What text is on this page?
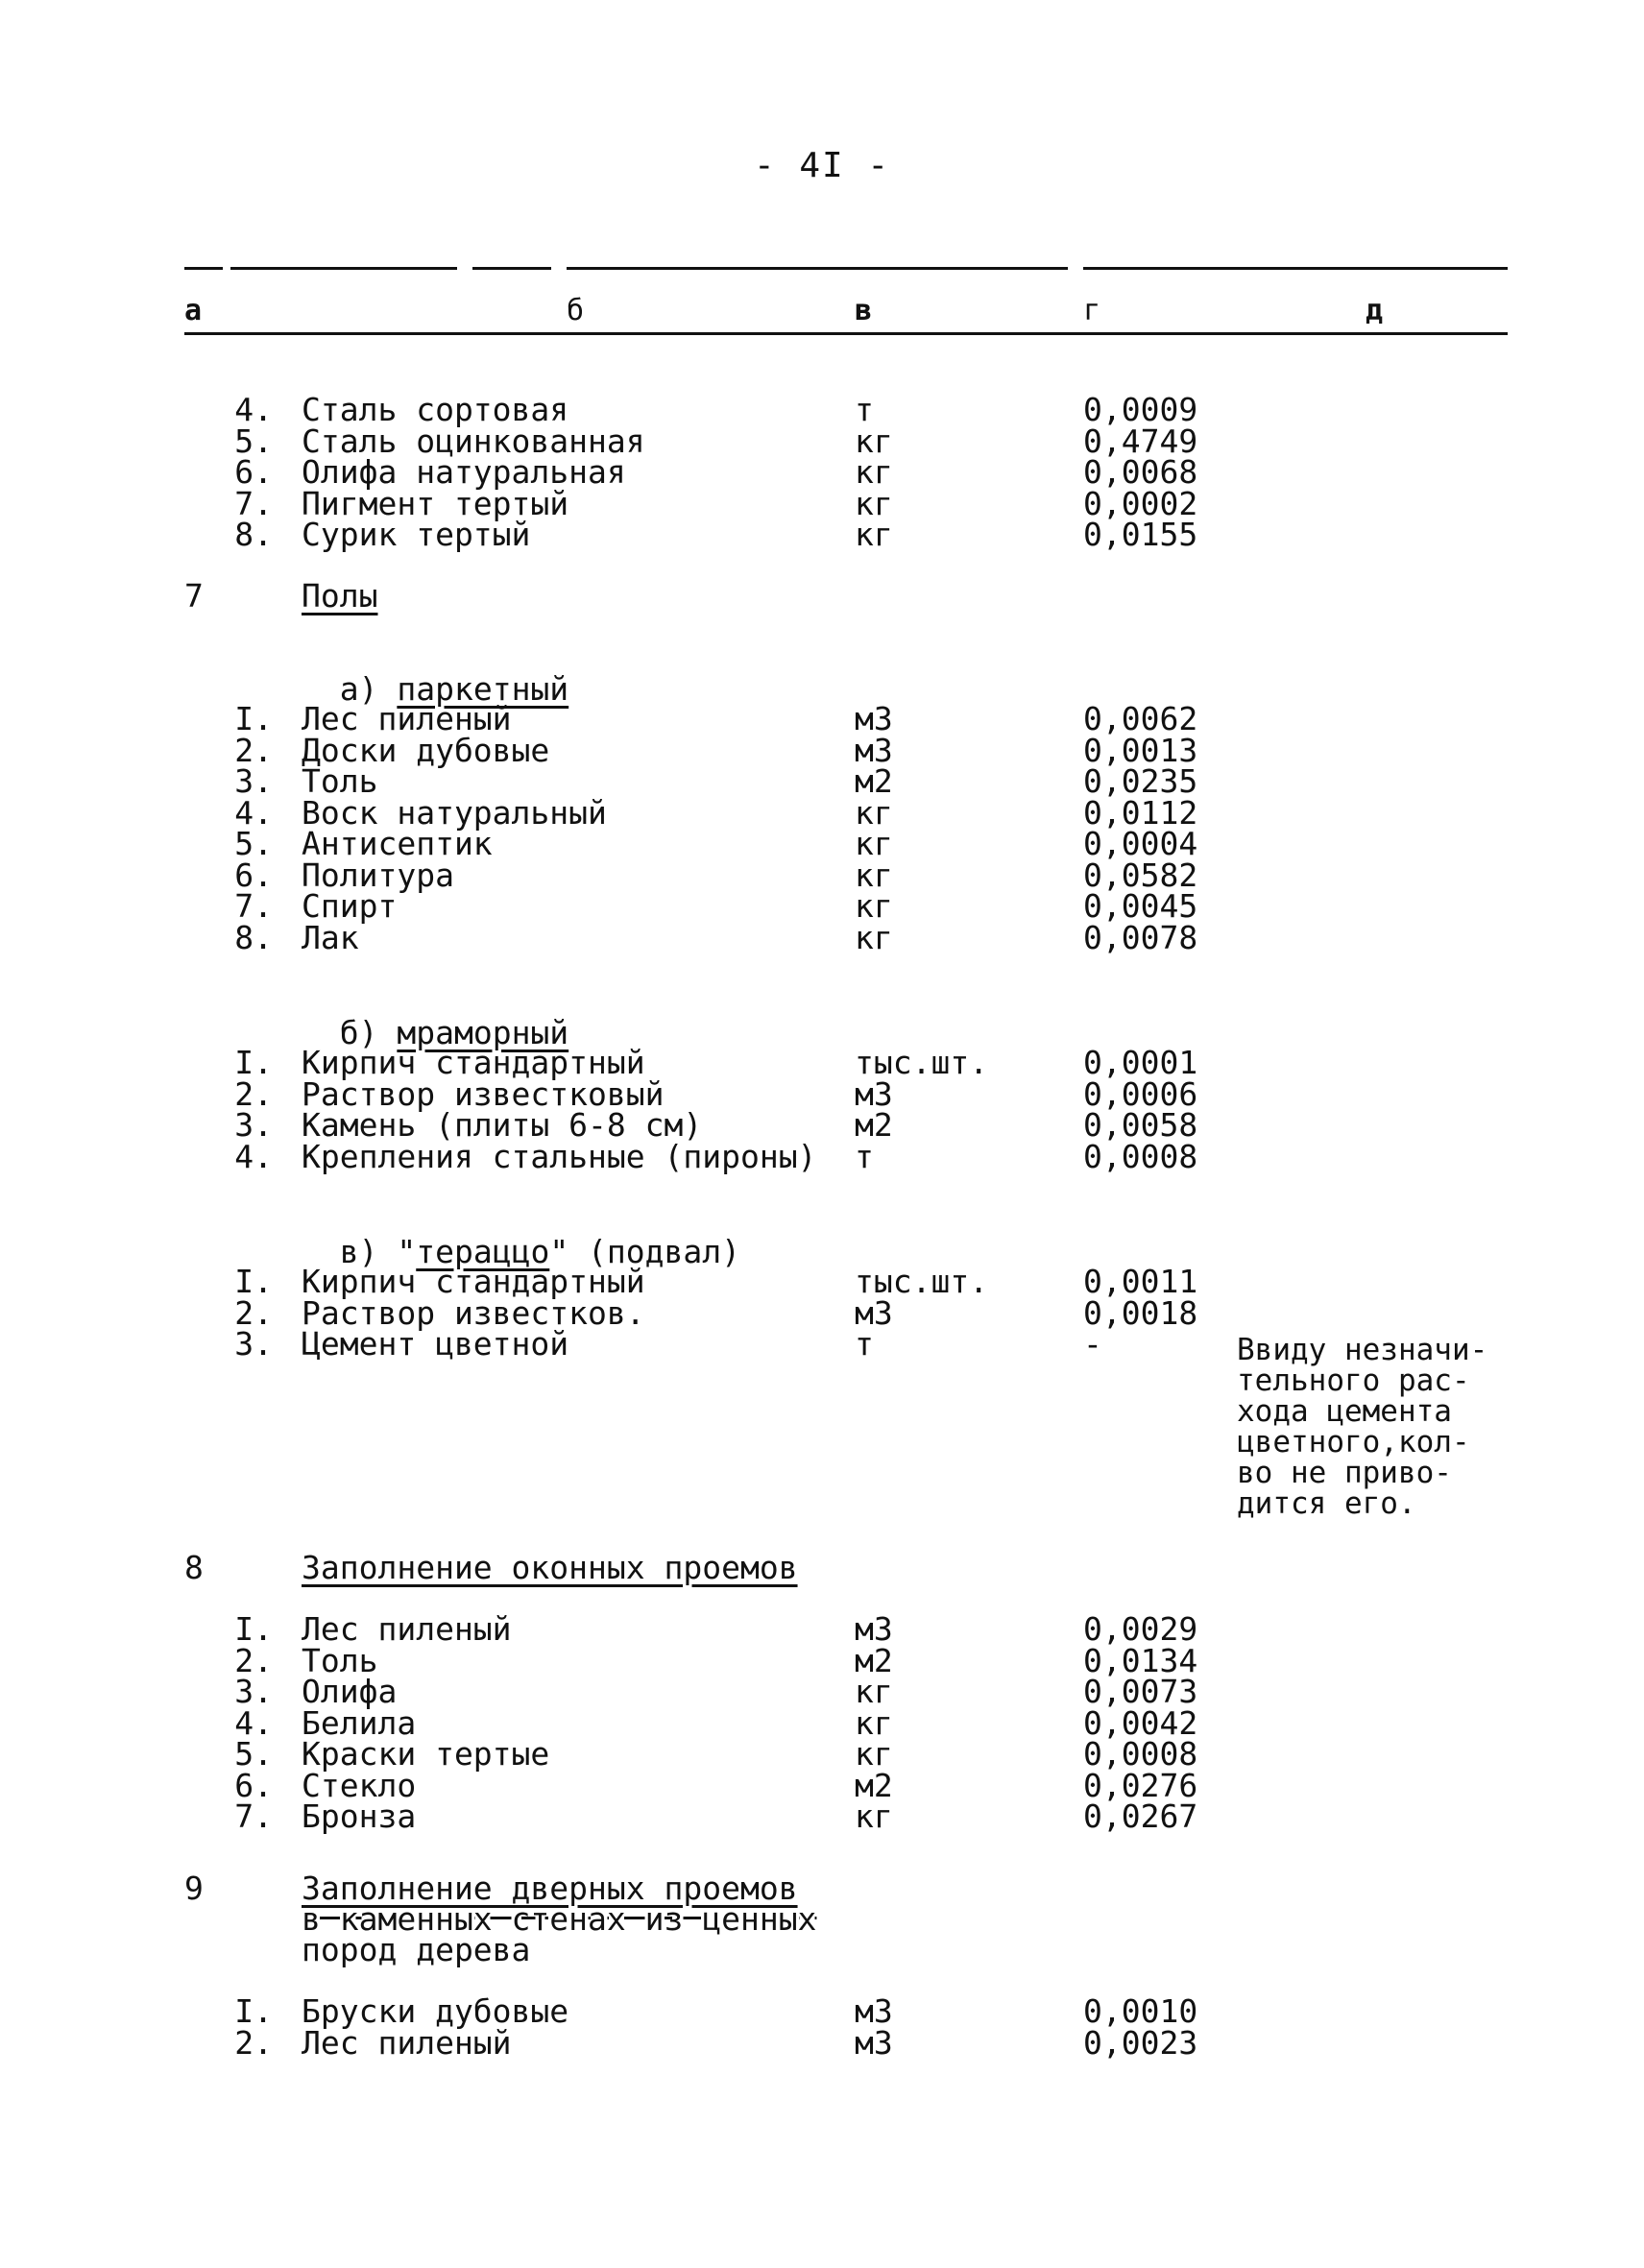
- 4I -
а	б	в	г	д
4. Сталь сортовая	т	0,0009
5. Сталь оцинкованная	кг	0,4749
6. Олифа натуральная	кг	0,0068
7. Пигмент тертый	кг	0,0002
8. Сурик тертый	кг	0,0155
7	Полы

а) паркетный

I. Лес пиленый	м3	0,0062
2. Доски дубовые	м3	0,0013
3. Толь	м2	0,0235
4. Воск натуральный	кг	0,0112
5. Антисептик	кг	0,0004
6. Политура	кг	0,0582
7. Спирт	кг	0,0045
8. Лак	кг	0,0078

б) мраморный

I. Кирпич стандартный	тыс.шт.	0,0001
2. Раствор известковый	м3	0,0006
3. Камень (плиты 6-8 см)	м2	0,0058
4. Крепления стальные (пироны) т	0,0008

в) "тераццо" (подвал)

I. Кирпич стандартный	тыс.шт.	0,0011
2. Раствор известков.	м3	0,0018
3. Цемент цветной	т	-	Ввиду незначи-
тельного рас-
хода цемента
цветного,кол-
во не приво-
дится его.
8	Заполнение оконных проемов
I. Лес пиленый	м3	0,0029
2. Толь	м2	0,0134
3. Олифа	кг	0,0073
4. Белила	кг	0,0042
5. Краски тертые	кг	0,0008
6. Стекло	м2	0,0276
7. Бронза	кг	0,0267
9	Заполнение дверных проемов
в каменных стенах из ценных
пород дерева
I. Бруски дубовые	м3	0,0010
2. Лес пиленый	м3	0,0023
